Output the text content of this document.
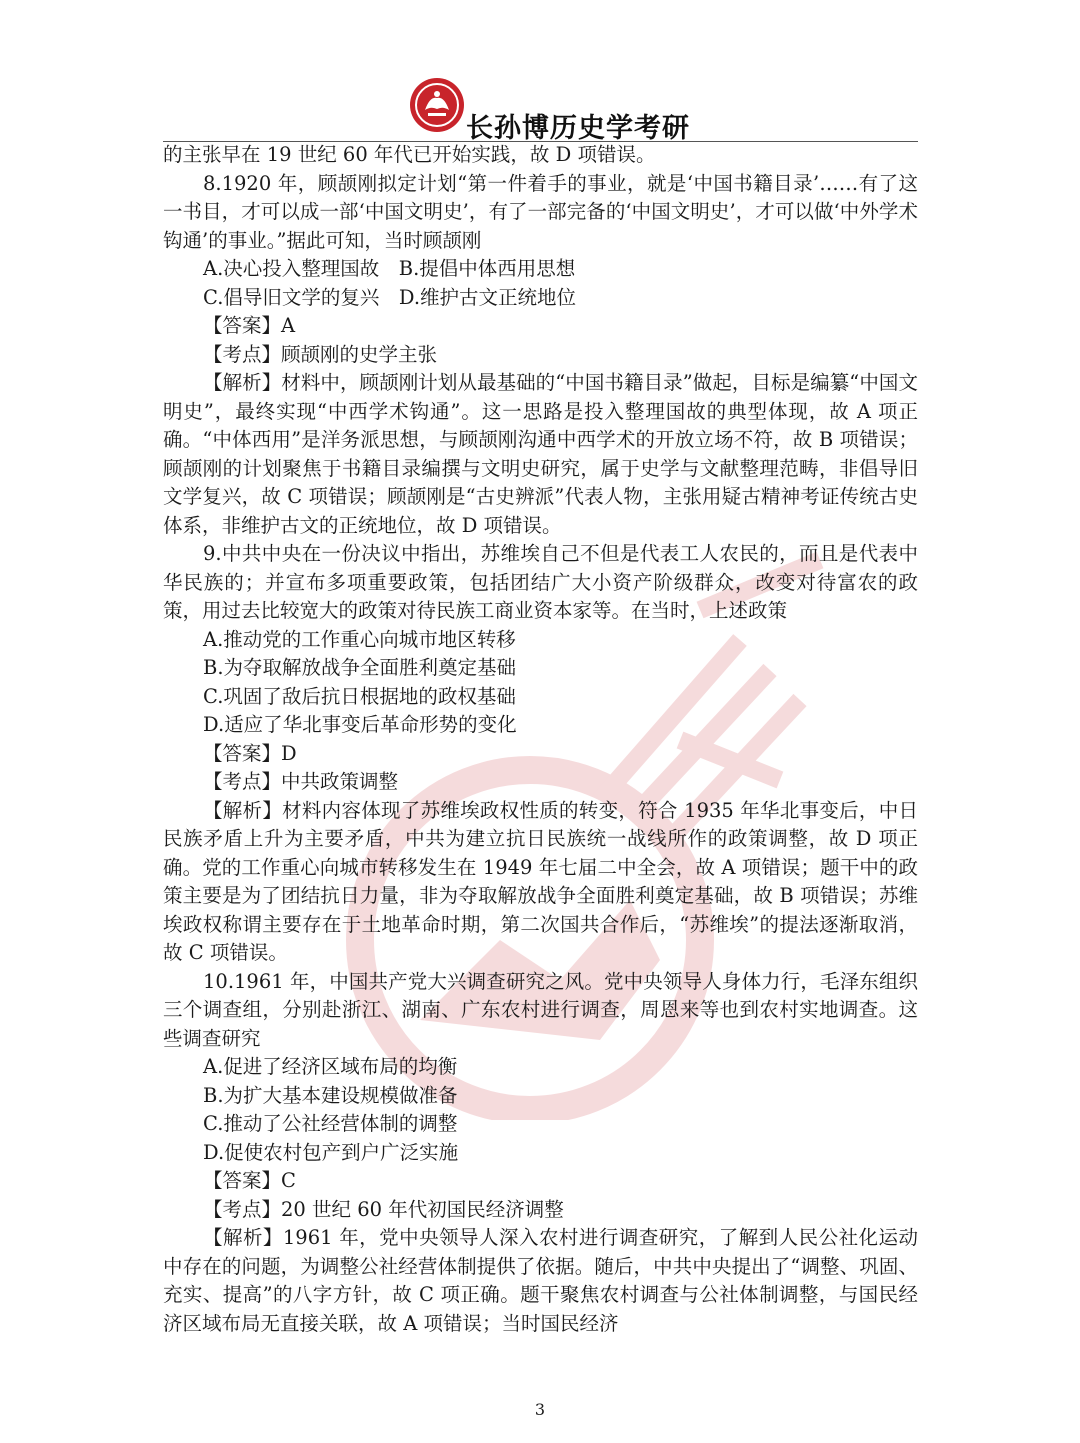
长孙博历史学考研

的主张早在 19 世纪 60 年代已开始实践，故 D 项错误。

8.1920 年，顾颉刚拟定计划“第一件着手的事业，就是‘中国书籍目录’……有了这一书目，才可以成一部‘中国文明史’，有了一部完备的‘中国文明史’，才可以做‘中外学术钩通’的事业。”据此可知，当时顾颉刚

A.决心投入整理国故　B.提倡中体西用思想

C.倡导旧文学的复兴　D.维护古文正统地位

【答案】A

【考点】顾颉刚的史学主张

【解析】材料中，顾颉刚计划从最基础的“中国书籍目录”做起，目标是编纂“中国文明史”，最终实现“中西学术钩通”。这一思路是投入整理国故的典型体现，故 A 项正确。“中体西用”是洋务派思想，与顾颉刚沟通中西学术的开放立场不符，故 B 项错误；顾颉刚的计划聚焦于书籍目录编撰与文明史研究，属于史学与文献整理范畴，非倡导旧文学复兴，故 C 项错误；顾颉刚是“古史辨派”代表人物，主张用疑古精神考证传统古史体系，非维护古文的正统地位，故 D 项错误。

9.中共中央在一份决议中指出，苏维埃自己不但是代表工人农民的，而且是代表中华民族的；并宣布多项重要政策，包括团结广大小资产阶级群众，改变对待富农的政策，用过去比较宽大的政策对待民族工商业资本家等。在当时，上述政策

A.推动党的工作重心向城市地区转移

B.为夺取解放战争全面胜利奠定基础

C.巩固了敌后抗日根据地的政权基础

D.适应了华北事变后革命形势的变化

【答案】D

【考点】中共政策调整

【解析】材料内容体现了苏维埃政权性质的转变，符合 1935 年华北事变后，中日民族矛盾上升为主要矛盾，中共为建立抗日民族统一战线所作的政策调整，故 D 项正确。党的工作重心向城市转移发生在 1949 年七届二中全会，故 A 项错误；题干中的政策主要是为了团结抗日力量，非为夺取解放战争全面胜利奠定基础，故 B 项错误；苏维埃政权称谓主要存在于土地革命时期，第二次国共合作后，“苏维埃”的提法逐渐取消，故 C 项错误。

10.1961 年，中国共产党大兴调查研究之风。党中央领导人身体力行，毛泽东组织三个调查组，分别赴浙江、湖南、广东农村进行调查，周恩来等也到农村实地调查。这些调查研究

A.促进了经济区域布局的均衡

B.为扩大基本建设规模做准备

C.推动了公社经营体制的调整

D.促使农村包产到户广泛实施

【答案】C

【考点】20 世纪 60 年代初国民经济调整

【解析】1961 年，党中央领导人深入农村进行调查研究，了解到人民公社化运动中存在的问题，为调整公社经营体制提供了依据。随后，中共中央提出了“调整、巩固、充实、提高”的八字方针，故 C 项正确。题干聚焦农村调查与公社体制调整，与国民经济区域布局无直接关联，故 A 项错误；当时国民经济

3
